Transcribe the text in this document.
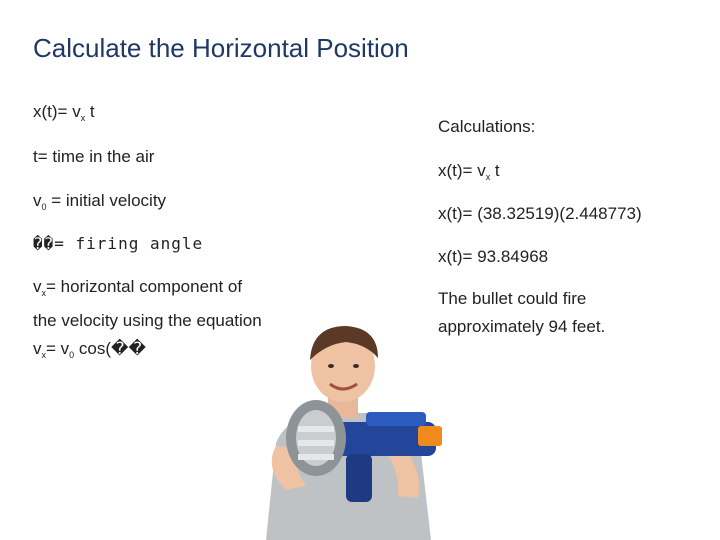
Calculate the Horizontal Position
$x(t)= v_x$ t
t= time in the air
$v_0$ = initial velocity
��= firing angle
$v_x=$ horizontal component of the velocity using the equation $v_x= v_0$ cos(��
Calculations:
$x(t)= v_x$ t
x(t)= (38.32519)(2.448773)
x(t)= 93.84968
The bullet could fire approximately 94 feet.
